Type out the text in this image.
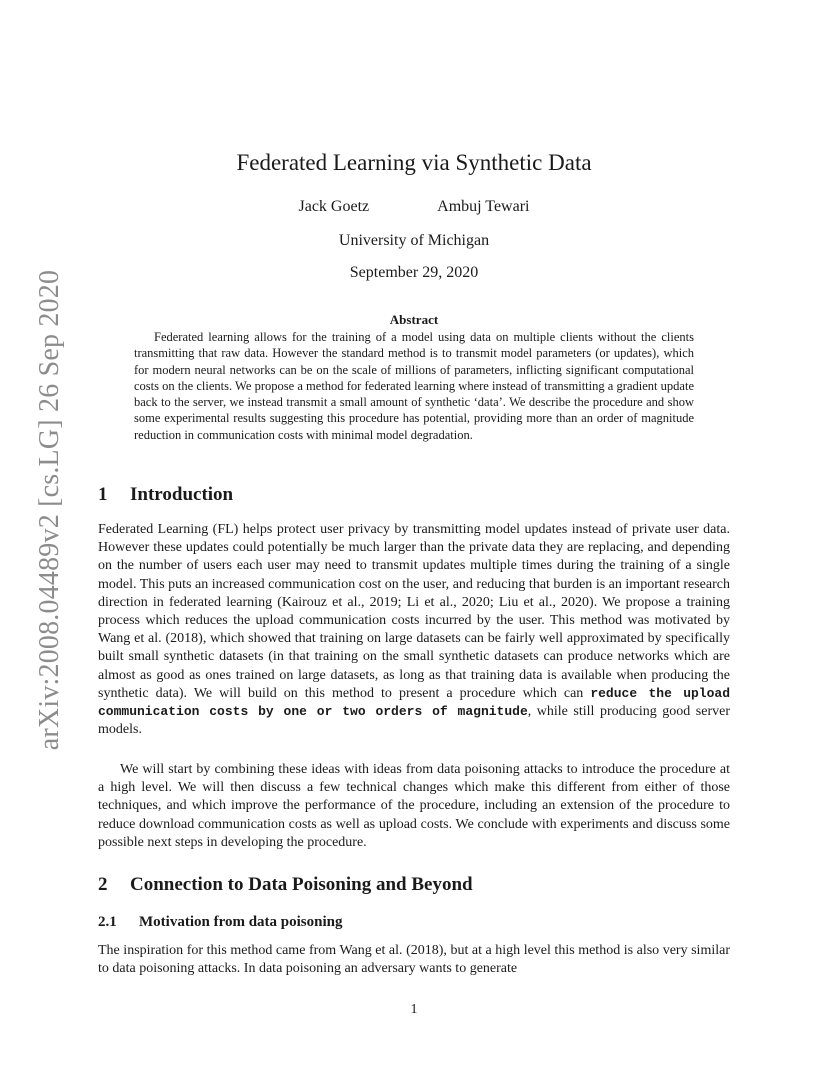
arXiv:2008.04489v2 [cs.LG] 26 Sep 2020
Federated Learning via Synthetic Data
Jack Goetz	Ambuj Tewari
University of Michigan
September 29, 2020
Abstract
Federated learning allows for the training of a model using data on multiple clients without the clients transmitting that raw data. However the standard method is to transmit model parameters (or updates), which for modern neural networks can be on the scale of millions of parameters, inflicting significant computational costs on the clients. We propose a method for federated learning where instead of transmitting a gradient update back to the server, we instead transmit a small amount of synthetic ‘data’. We describe the procedure and show some experimental results suggesting this procedure has potential, providing more than an order of magnitude reduction in communication costs with minimal model degradation.
1 Introduction
Federated Learning (FL) helps protect user privacy by transmitting model updates instead of private user data. However these updates could potentially be much larger than the private data they are replacing, and depending on the number of users each user may need to transmit updates multiple times during the training of a single model. This puts an increased communication cost on the user, and reducing that burden is an important research direction in federated learning (Kairouz et al., 2019; Li et al., 2020; Liu et al., 2020). We propose a training process which reduces the upload communication costs incurred by the user. This method was motivated by Wang et al. (2018), which showed that training on large datasets can be fairly well approximated by specifically built small synthetic datasets (in that training on the small synthetic datasets can produce networks which are almost as good as ones trained on large datasets, as long as that training data is available when producing the synthetic data). We will build on this method to present a procedure which can reduce the upload communication costs by one or two orders of magnitude, while still producing good server models.
We will start by combining these ideas with ideas from data poisoning attacks to introduce the procedure at a high level. We will then discuss a few technical changes which make this different from either of those techniques, and which improve the performance of the procedure, including an extension of the procedure to reduce download communication costs as well as upload costs. We conclude with experiments and discuss some possible next steps in developing the procedure.
2 Connection to Data Poisoning and Beyond
2.1 Motivation from data poisoning
The inspiration for this method came from Wang et al. (2018), but at a high level this method is also very similar to data poisoning attacks. In data poisoning an adversary wants to generate
1
